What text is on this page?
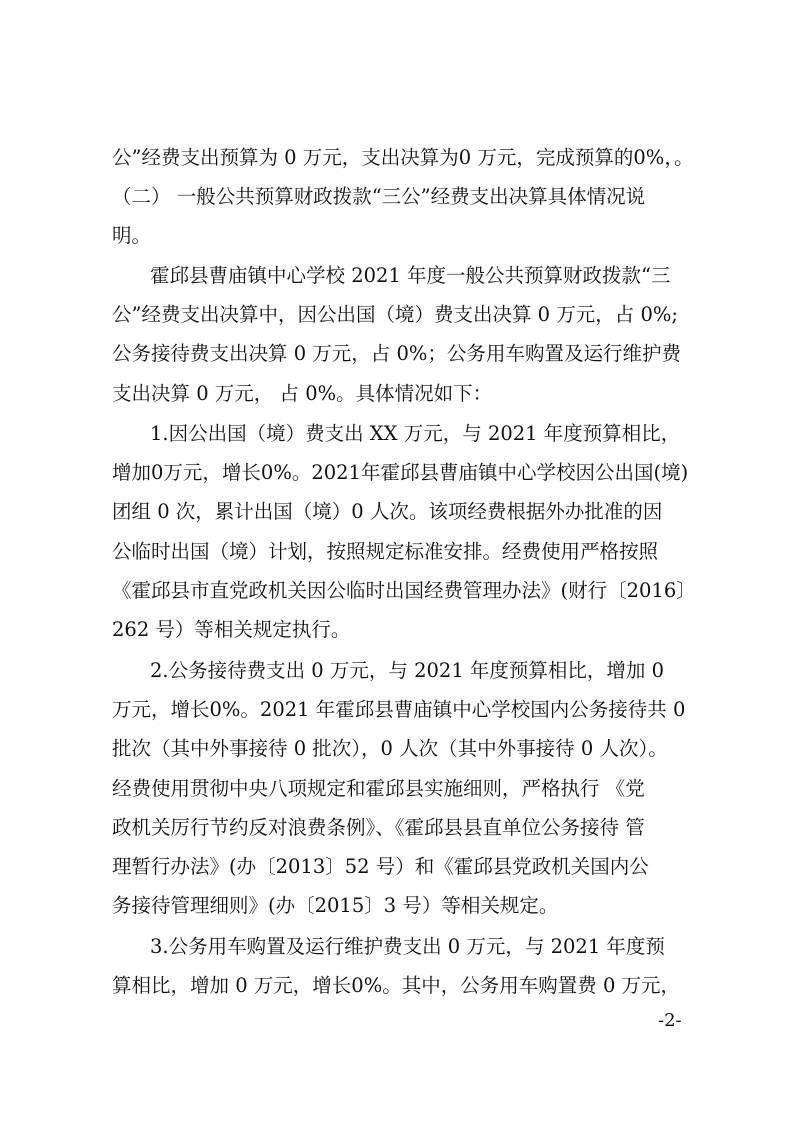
公”经费支出预算为 0 万元，支出决算为0 万元，完成预算的0%，。
（二） 一般公共预算财政拨款“三公”经费支出决算具体情况说
明。
霍邱县曹庙镇中心学校 2021 年度一般公共预算财政拨款“三
公”经费支出决算中，因公出国（境）费支出决算 0 万元，占 0%;
公务接待费支出决算 0 万元，占 0%；公务用车购置及运行维护费
支出决算 0 万元， 占 0%。具体情况如下：
1.因公出国（境）费支出 XX 万元，与 2021 年度预算相比，
增加0万元，增长0%。2021年霍邱县曹庙镇中心学校因公出国(境)
团组 0 次，累计出国（境）0 人次。该项经费根据外办批准的因
公临时出国（境）计划，按照规定标准安排。经费使用严格按照
《霍邱县市直党政机关因公临时出国经费管理办法》(财行〔2016〕
262 号）等相关规定执行。
2.公务接待费支出 0 万元，与 2021 年度预算相比，增加 0
万元，增长0%。2021 年霍邱县曹庙镇中心学校国内公务接待共 0
批次（其中外事接待 0 批次），0 人次（其中外事接待 0 人次）。
经费使用贯彻中央八项规定和霍邱县实施细则，严格执行 《党
政机关厉行节约反对浪费条例》、《霍邱县县直单位公务接待 管
理暂行办法》(办〔2013〕52 号）和《霍邱县党政机关国内公
务接待管理细则》(办〔2015〕3 号）等相关规定。
3.公务用车购置及运行维护费支出 0 万元，与 2021 年度预
算相比，增加 0 万元，增长0%。其中，公务用车购置费 0 万元，
-2-
